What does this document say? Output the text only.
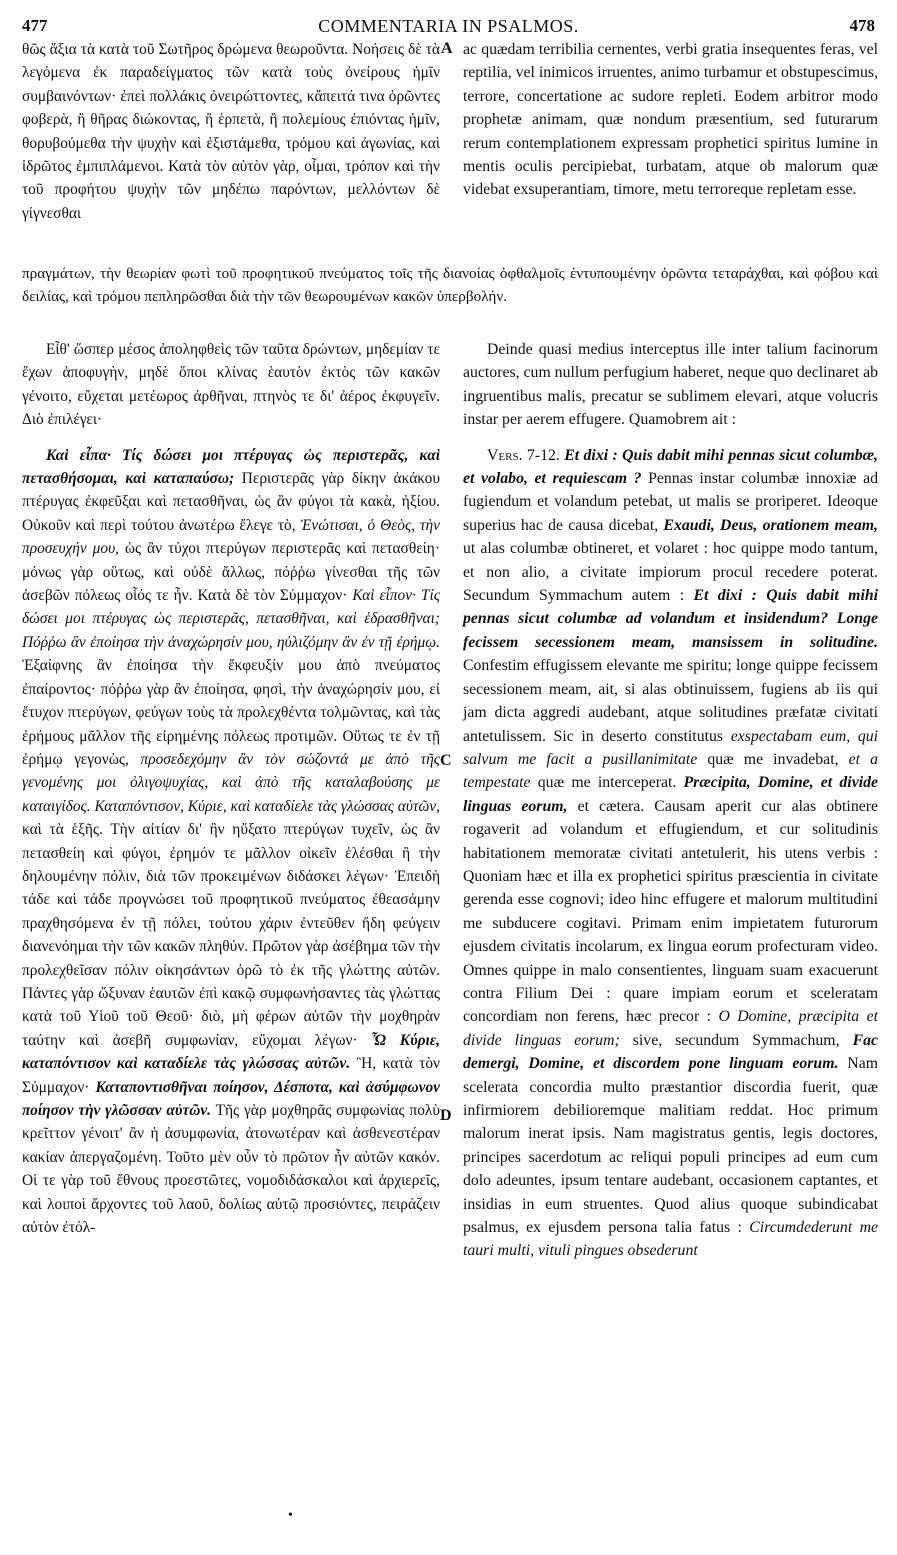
477	COMMENTARIA IN PSALMOS.	478
A
C
D

θῶς ἄξια τὰ κατὰ τοῦ Σωτῆρος δρώμενα θεωροῦντα. Νοήσεις δὲ τὰ λεγόμενα ἐκ παραδείγματος τῶν κατὰ τοὺς ὀνείρους ἡμῖν συμβαινόντων· ἐπεὶ πολλάκις ὀνειρώττοντες, κἄπειτά τινα ὁρῶντες φοβερὰ, ἢ θῆρας διώκοντας, ἢ ἑρπετὰ, ἢ πολεμίους ἐπιόντας ἡμῖν, θορυβούμεθα τὴν ψυχὴν καὶ ἐξιστάμεθα, τρόμου καὶ ἀγωνίας, καὶ ἱδρῶτος ἐμπιπλάμενοι. Κατὰ τὸν αὐτὸν γὰρ, οἶμαι, τρόπον καὶ τὴν τοῦ προφήτου ψυχὴν τῶν μηδέπω παρόντων, μελλόντων δὲ γίγνεσθαι

ac quædam terribilia cernentes, verbi gratia insequentes feras, vel reptilia, vel inimicos irruentes, animo turbamur et obstupescimus, terrore, concertatione ac sudore repleti. Eodem arbitror modo prophetæ animam, quæ nondum præsentium, sed futurarum rerum contemplationem expressam prophetici spiritus lumine in mentis oculis percipiebat, turbatam, atque ob malorum quæ videbat exsuperantiam, timore, metu terroreque repletam esse.

πραγμάτων, τὴν θεωρίαν φωτὶ τοῦ προφητικοῦ πνεύματος τοῖς τῆς διανοίας ὀφθαλμοῖς ἐντυπουμένην ὁρῶντα τεταράχθαι, καὶ φόβου καὶ δειλίας, καὶ τρόμου πεπληρῶσθαι διὰ τὴν τῶν θεωρουμένων κακῶν ὑπερβολήν.

Εἶθ' ὥσπερ μέσος ἀποληφθεὶς τῶν ταῦτα δρώντων, μηδεμίαν τε ἔχων ἀποφυγὴν, μηδὲ ὅποι κλίνας ἑαυτὸν ἐκτὸς τῶν κακῶν γένοιτο, εὔχεται μετέωρος ἀρθῆναι, πτηνὸς τε δι' ἀέρος ἐκφυγεῖν. Διὸ ἐπιλέγει·

Καὶ εἶπα· Τίς δώσει μοι πτέρυγας ὡς περιστερᾶς, καὶ πετασθήσομαι, καὶ καταπαύσω; Περιστερᾶς γὰρ δίκην ἀκάκου πτέρυγας ἐκφεῦξαι καὶ πετασθῆναι, ὡς ἂν φύγοι τὰ κακὰ, ἠξίου. Οὐκοῦν καὶ περὶ τούτου ἀνωτέρω ἔλεγε τὸ, Ἐνώτισαι, ὁ Θεὸς, τὴν προσευχήν μου, ὡς ἂν τύχοι πτερύγων περιστερᾶς καὶ πετασθείη· μόνως γὰρ οὕτως, καὶ οὐδὲ ἄλλως, πόῤῥω γίνεσθαι τῆς τῶν ἀσεβῶν πόλεως οἷός τε ἦν. Κατὰ δὲ τὸν Σύμμαχον· Καὶ εἶπον· Τίς δώσει μοι πτέρυγας ὡς περιστερᾶς, πετασθῆναι, καὶ ἑδρασθῆναι; Πόῤῥω ἂν ἐποίησα τὴν ἀναχώρησίν μου, ηὐλιζόμην ἂν ἐν τῇ ἐρήμῳ. Ἐξαίφνης ἂν ἐποίησα τὴν ἔκφευξίν μου ἀπὸ πνεύματος ἐπαίροντος· πόῤῥω γὰρ ἂν ἐποίησα, φησὶ, τὴν ἀναχώρησίν μου, εἰ ἔτυχον πτερύγων, φεύγων τοὺς τὰ προλεχθέντα τολμῶντας, καὶ τὰς ἐρήμους μᾶλλον τῆς εἰρημένης πόλεως προτιμῶν. Οὕτως τε ἐν τῇ ἐρήμῳ γεγονὼς, προσεδεχόμην ἂν τὸν σώζοντά με ἀπὸ τῆς γενομένης μοι ὀλιγοψυχίας, καὶ ἀπὸ τῆς καταλαβούσης με καταιγίδος. Καταπόντισον, Κύριε, καὶ καταδίελε τὰς γλώσσας αὐτῶν, καὶ τὰ ἑξῆς. Τὴν αἰτίαν δι' ἣν ηὔξατο πτερύγων τυχεῖν, ὡς ἂν πετασθείη καὶ φύγοι, ἐρημόν τε μᾶλλον οἰκεῖν ἑλέσθαι ἢ τὴν δηλουμένην πόλιν, διὰ τῶν προκειμένων διδάσκει λέγων· Ἐπειδὴ τάδε καὶ τάδε προγνώσει τοῦ προφητικοῦ πνεύματος ἐθεασάμην πραχθησόμενα ἐν τῇ πόλει, τούτου χάριν ἐντεῦθεν ἤδη φεύγειν διανενόημαι τὴν τῶν κακῶν πληθύν. Πρῶτον γὰρ ἀσέβημα τῶν τὴν προλεχθεῖσαν πόλιν οἰκησάντων ὁρῶ τὸ ἐκ τῆς γλώττης αὐτῶν. Πάντες γὰρ ὤξυναν ἑαυτῶν ἐπὶ κακῷ συμφωνήσαντες τὰς γλώττας κατὰ τοῦ Υἱοῦ τοῦ Θεοῦ· διὸ, μὴ φέρων αὐτῶν τὴν μοχθηρὰν ταύτην καὶ ἀσεβῆ συμφωνίαν, εὔχομαι λέγων· Ὦ Κύριε, καταπόντισον καὶ καταδίελε τὰς γλώσσας αὐτῶν. Ἢ, κατὰ τὸν Σύμμαχον· Καταποντισθῆναι ποίησον, Δέσποτα, καὶ ἀσύμφωνον ποίησον τὴν γλῶσσαν αὐτῶν. Τῆς γὰρ μοχθηρᾶς συμφωνίας πολὺ κρεῖττον γένοιτ' ἂν ἡ ἀσυμφωνία, ἀτονωτέραν καὶ ἀσθενεστέραν κακίαν ἀπεργαζομένη. Τοῦτο μὲν οὖν τὸ πρῶτον ἦν αὐτῶν κακόν. Οἱ τε γὰρ τοῦ ἔθνους προεστῶτες, νομοδιδάσκαλοι καὶ ἀρχιερεῖς, καὶ λοιποὶ ἄρχοντες τοῦ λαοῦ, δολίως αὐτῷ προσιόντες, πειράζειν αὐτὸν ἐτόλ-

Deinde quasi medius interceptus ille inter talium facinorum auctores, cum nullum perfugium haberet, neque quo declinaret ab ingruentibus malis, precatur se sublimem elevari, atque volucris instar per aerem effugere. Quamobrem ait :

Vers. 7-12. Et dixi : Quis dabit mihi pennas sicut columbæ, et volabo, et requiescam ? Pennas instar columbæ innoxiæ ad fugiendum et volandum petebat, ut malis se proriperet. Ideoque superius hac de causa dicebat, Exaudi, Deus, orationem meam, ut alas columbæ obtineret, et volaret : hoc quippe modo tantum, et non alio, a civitate impiorum procul recedere poterat. Secundum Symmachum autem : Et dixi : Quis dabit mihi pennas sicut columbæ ad volandum et insidendum? Longe fecissem secessionem meam, mansissem in solitudine. Confestim effugissem elevante me spiritu; longe quippe fecissem secessionem meam, ait, si alas obtinuissem, fugiens ab iis qui jam dicta aggredi audebant, atque solitudines præfatæ civitati antetulissem. Sic in deserto constitutus exspectabam eum, qui salvum me facit a pusillanimitate quæ me invadebat, et a tempestate quæ me interceperat. Præcipita, Domine, et divide linguas eorum, et cætera. Causam aperit cur alas obtinere rogaverit ad volandum et effugiendum, et cur solitudinis habitationem memoratæ civitati antetulerit, his utens verbis : Quoniam hæc et illa ex prophetici spiritus præscientia in civitate gerenda esse cognovi; ideo hinc effugere et malorum multitudini me subducere cogitavi. Primam enim impietatem futurorum ejusdem civitatis incolarum, ex lingua eorum profecturam video. Omnes quippe in malo consentientes, linguam suam exacuerunt contra Filium Dei : quare impiam eorum et sceleratam concordiam non ferens, hæc precor : O Domine, præcipita et divide linguas eorum; sive, secundum Symmachum, Fac demergi, Domine, et discordem pone linguam eorum. Nam scelerata concordia multo præstantior discordia fuerit, quæ infirmiorem debilioremque malitiam reddat. Hoc primum malorum inerat ipsis. Nam magistratus gentis, legis doctores, principes sacerdotum ac reliqui populi principes ad eum cum dolo adeuntes, ipsum tentare audebant, occasionem captantes, et insidias in eum struentes. Quod alius quoque subindicabat psalmus, ex ejusdem persona talia fatus : Circumdederunt me tauri multi, vituli pingues obsederunt

•
